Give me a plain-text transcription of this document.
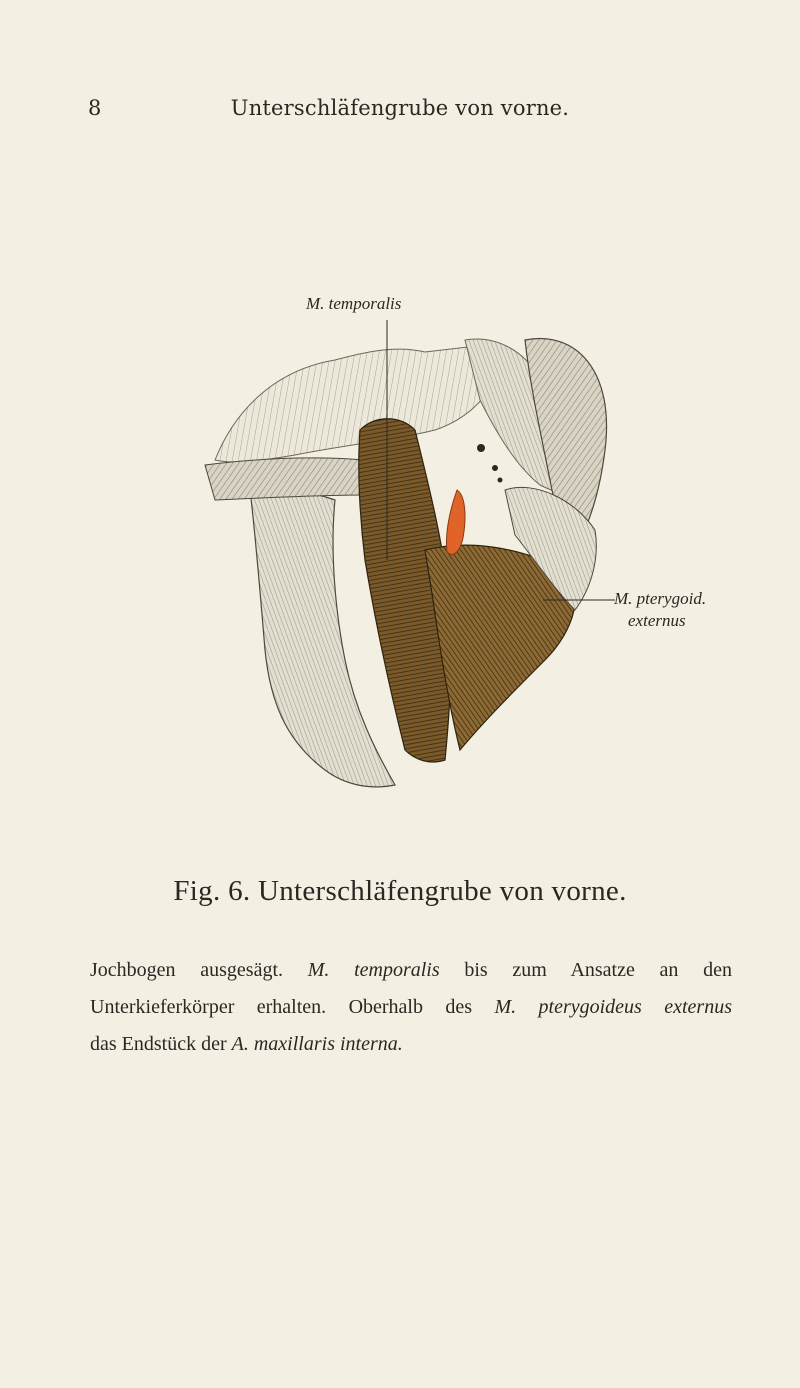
8	Unterschläfengrube von vorne.
M. temporalis
M. pterygoid.
externus
Fig. 6. Unterschläfengrube von vorne.
Jochbogen ausgesägt. M. temporalis bis zum Ansatze an den
Unterkieferkörper erhalten. Oberhalb des M. pterygoideus externus
das Endstück der A. maxillaris interna.
